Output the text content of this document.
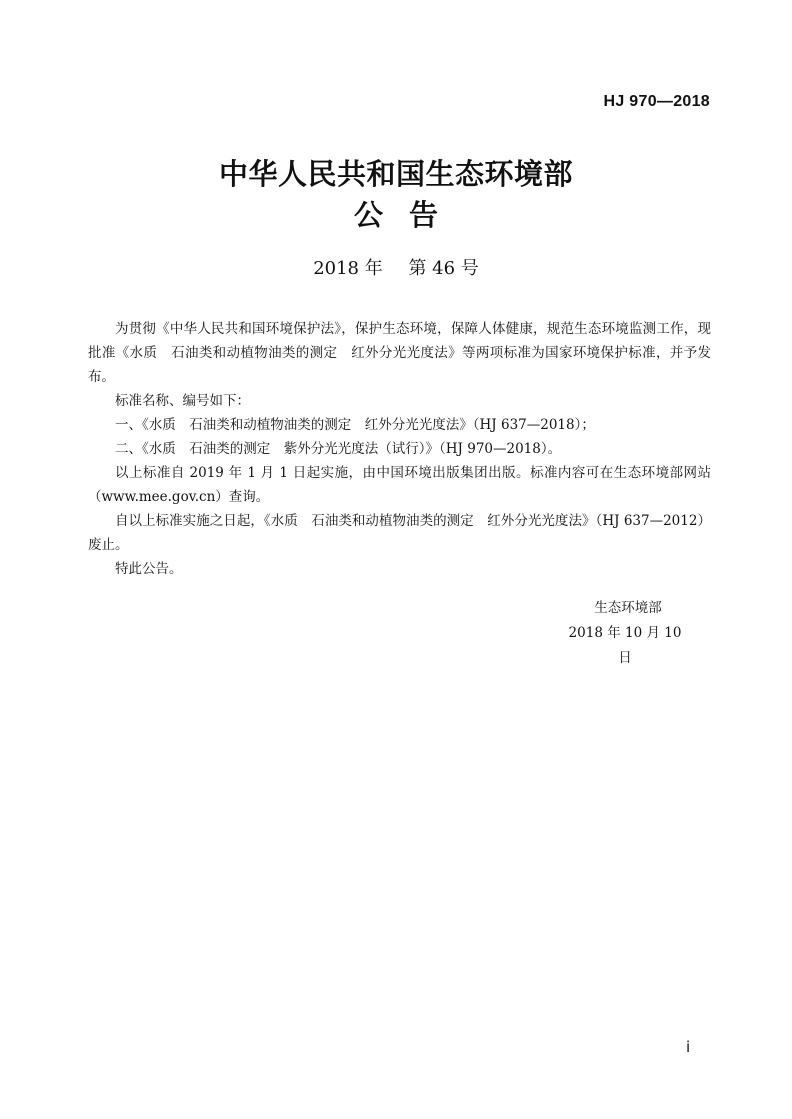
HJ 970—2018
中华人民共和国生态环境部
公告
2018 年 第 46 号

为贯彻《中华人民共和国环境保护法》，保护生态环境，保障人体健康，规范生态环境监测工作，现批准《水质　石油类和动植物油类的测定　红外分光光度法》等两项标准为国家环境保护标准，并予发布。

标准名称、编号如下：

一、《水质　石油类和动植物油类的测定　红外分光光度法》（HJ 637—2018）；

二、《水质　石油类的测定　紫外分光光度法（试行）》（HJ 970—2018）。

以上标准自 2019 年 1 月 1 日起实施，由中国环境出版集团出版。标准内容可在生态环境部网站（www.mee.gov.cn）查询。

自以上标准实施之日起，《水质　石油类和动植物油类的测定　红外分光光度法》（HJ 637—2012）废止。

特此公告。

生态环境部
2018 年 10 月 10 日
i
